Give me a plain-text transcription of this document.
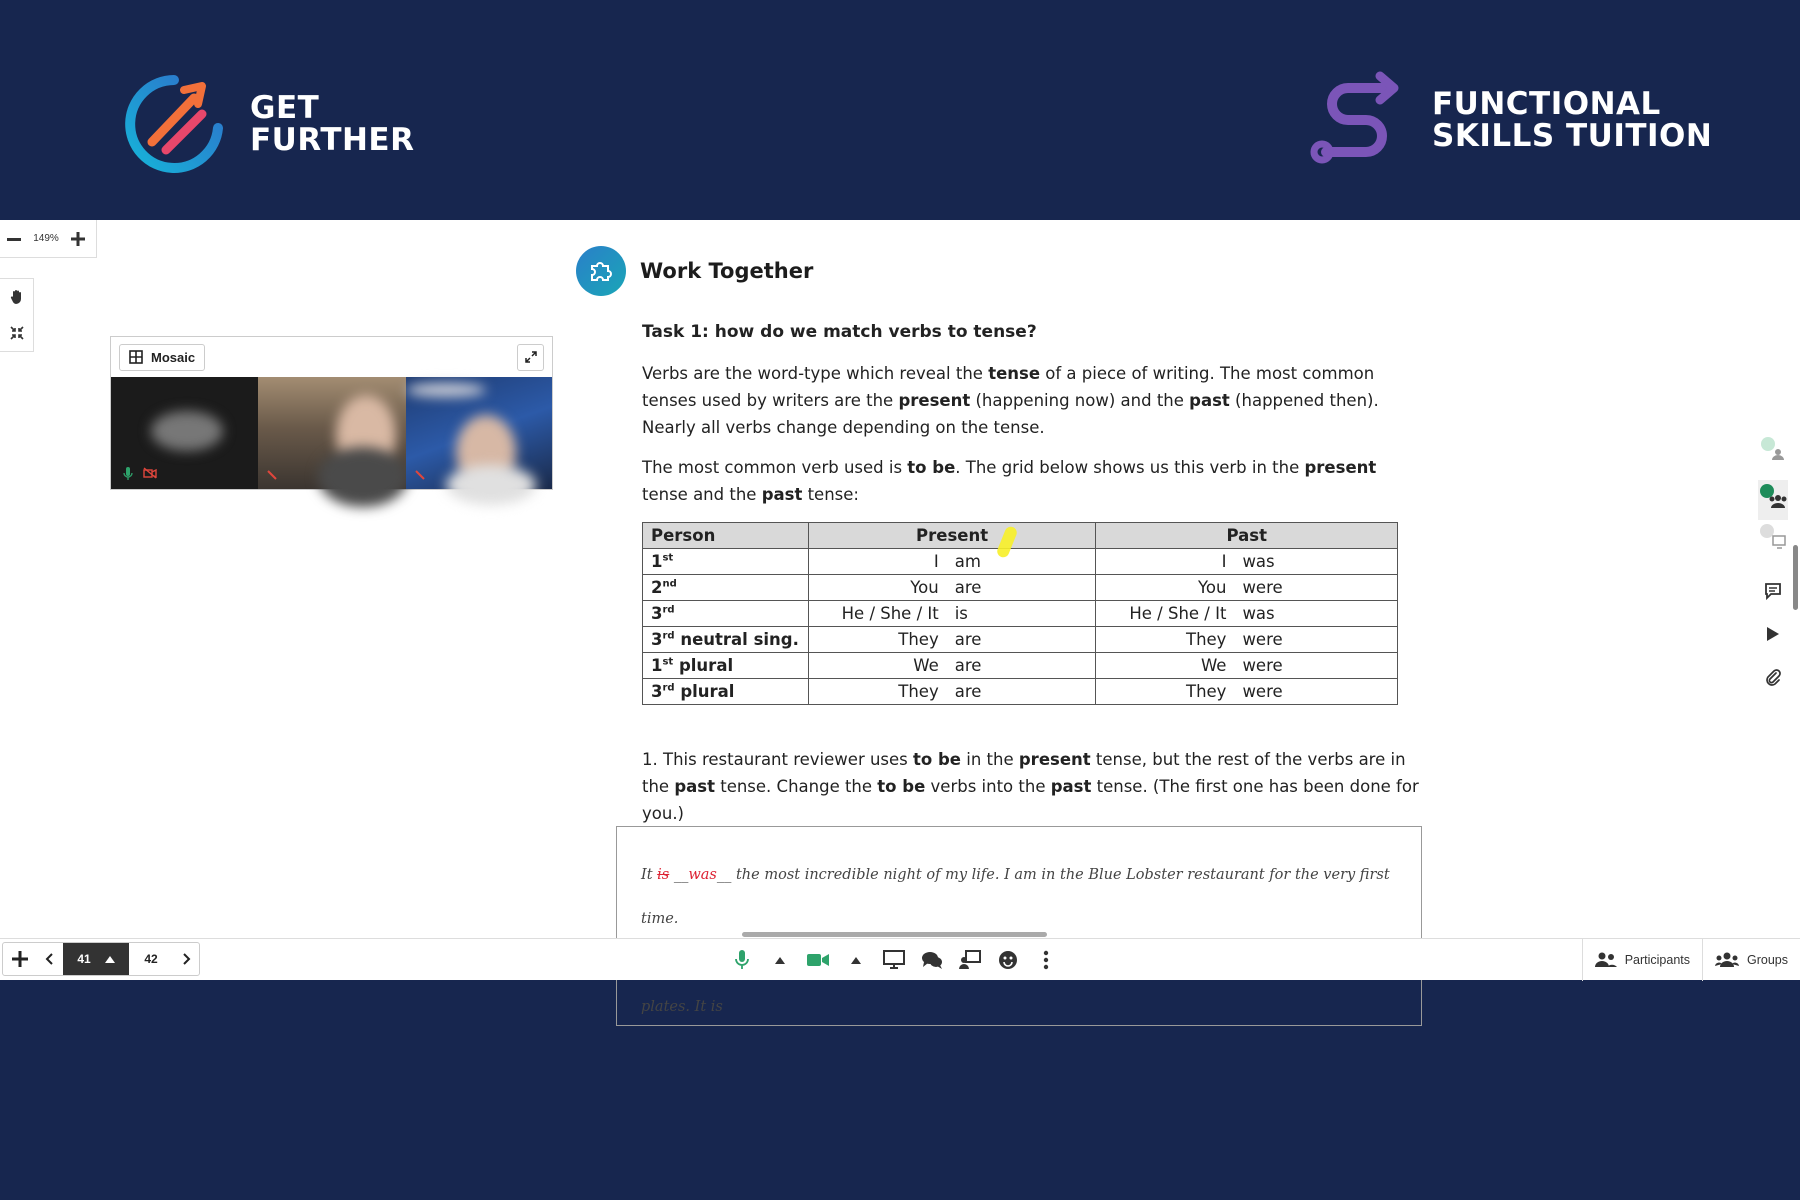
GET
FURTHER
FUNCTIONAL
SKILLS TUITION
149%
Mosaic
Work Together
Task 1: how do we match verbs to tense?
Verbs are the word-type which reveal the tense of a piece of writing. The most common tenses used by writers are the present (happening now) and the past (happened then). Nearly all verbs change depending on the tense.
The most common verb used is to be. The grid below shows us this verb in the present tense and the past tense:
Person	Present	Past
1st	I am	I was
2nd	You are	You were
3rd	He / She / It is	He / She / It was
3rd neutral sing.	They are	They were
1st plural	We are	We were
3rd plural	They are	They were
1. This restaurant reviewer uses to be in the present tense, but the rest of the verbs are in the past tense. Change the to be verbs into the past tense. (The first one has been done for you.)
It is __was__ the most incredible night of my life. I am in the Blue Lobster restaurant for the very first time.
plates. It is
41	42	Participants	Groups
